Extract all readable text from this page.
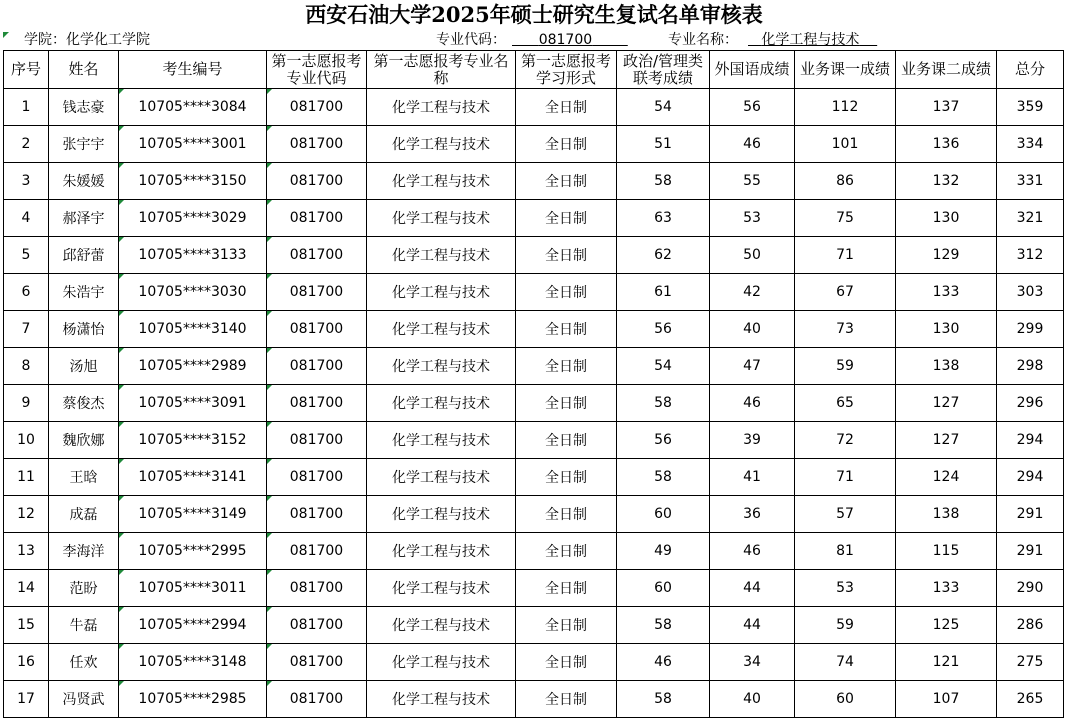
西安石油大学2025年硕士研究生复试名单审核表
学院：化学化工学院	专业代码：	081700	专业名称：	化学工程与技术
序号	姓名	考生编号	第一志愿报考专业代码	第一志愿报考专业名称	第一志愿报考学习形式	政治/管理类联考成绩	外国语成绩	业务课一成绩	业务课二成绩	总分
1	钱志豪	10705****3084	081700	化学工程与技术	全日制	54	56	112	137	359
2	张宇宇	10705****3001	081700	化学工程与技术	全日制	51	46	101	136	334
3	朱媛媛	10705****3150	081700	化学工程与技术	全日制	58	55	86	132	331
4	郝泽宇	10705****3029	081700	化学工程与技术	全日制	63	53	75	130	321
5	邱舒蕾	10705****3133	081700	化学工程与技术	全日制	62	50	71	129	312
6	朱浩宇	10705****3030	081700	化学工程与技术	全日制	61	42	67	133	303
7	杨潇怡	10705****3140	081700	化学工程与技术	全日制	56	40	73	130	299
8	汤旭	10705****2989	081700	化学工程与技术	全日制	54	47	59	138	298
9	蔡俊杰	10705****3091	081700	化学工程与技术	全日制	58	46	65	127	296
10	魏欣娜	10705****3152	081700	化学工程与技术	全日制	56	39	72	127	294
11	王晗	10705****3141	081700	化学工程与技术	全日制	58	41	71	124	294
12	成磊	10705****3149	081700	化学工程与技术	全日制	60	36	57	138	291
13	李海洋	10705****2995	081700	化学工程与技术	全日制	49	46	81	115	291
14	范盼	10705****3011	081700	化学工程与技术	全日制	60	44	53	133	290
15	牛磊	10705****2994	081700	化学工程与技术	全日制	58	44	59	125	286
16	任欢	10705****3148	081700	化学工程与技术	全日制	46	34	74	121	275
17	冯贤武	10705****2985	081700	化学工程与技术	全日制	58	40	60	107	265
